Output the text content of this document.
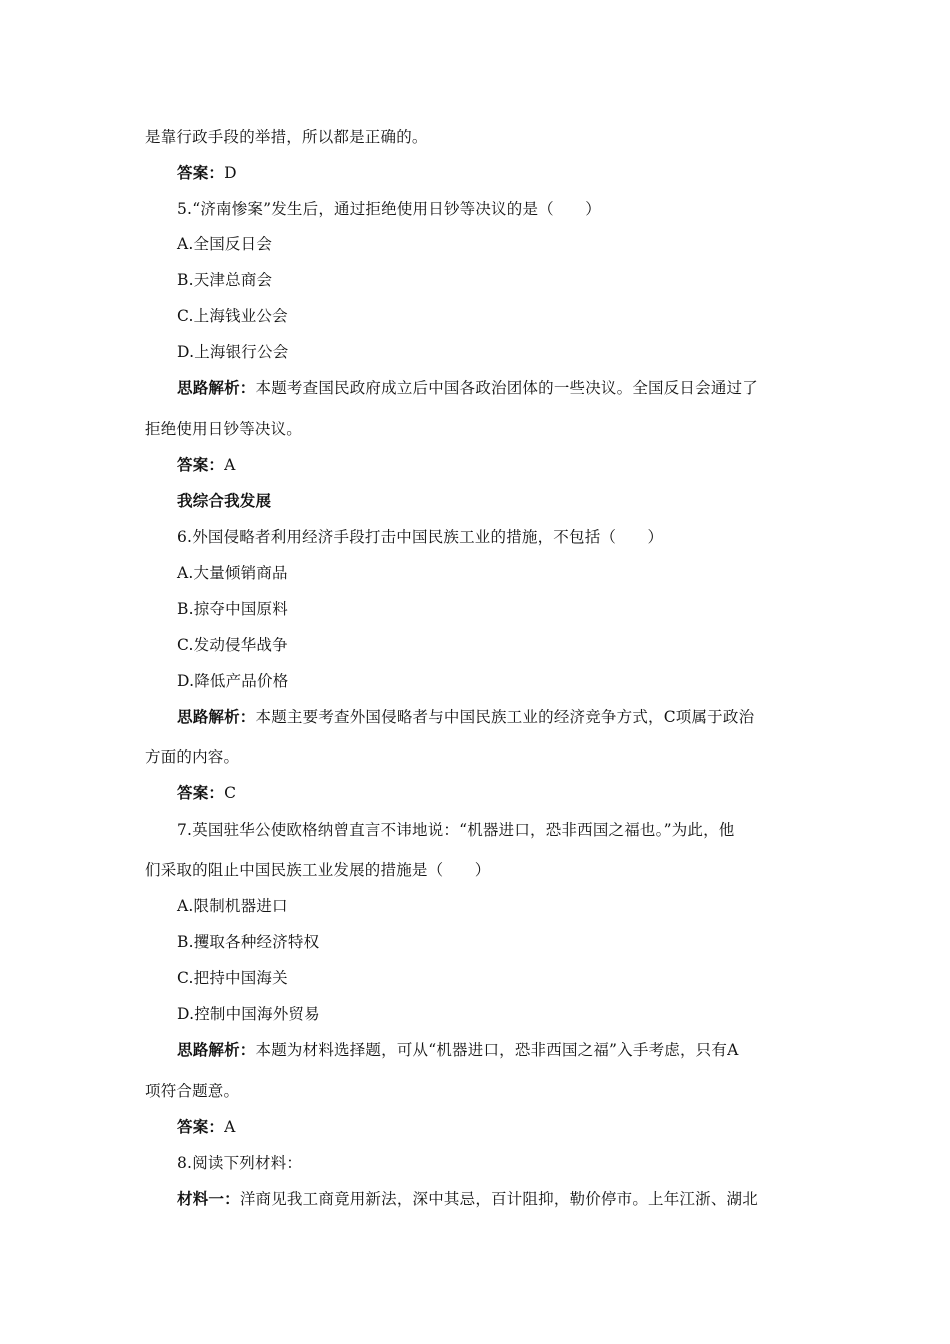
是靠行政手段的举措，所以都是正确的。
答案：D
5.“济南惨案”发生后，通过拒绝使用日钞等决议的是（　　）
A.全国反日会
B.天津总商会
C.上海钱业公会
D.上海银行公会
思路解析：本题考查国民政府成立后中国各政治团体的一些决议。全国反日会通过了
拒绝使用日钞等决议。
答案：A
我综合我发展
6.外国侵略者利用经济手段打击中国民族工业的措施，不包括（　　）
A.大量倾销商品
B.掠夺中国原料
C.发动侵华战争
D.降低产品价格
思路解析：本题主要考查外国侵略者与中国民族工业的经济竞争方式，C项属于政治
方面的内容。
答案：C
7.英国驻华公使欧格纳曾直言不讳地说：“机器进口，恐非西国之福也。”为此，他
们采取的阻止中国民族工业发展的措施是（　　）
A.限制机器进口
B.攫取各种经济特权
C.把持中国海关
D.控制中国海外贸易
思路解析：本题为材料选择题，可从“机器进口，恐非西国之福”入手考虑，只有A
项符合题意。
答案：A
8.阅读下列材料：
材料一：洋商见我工商竟用新法，深中其忌，百计阻抑，勒价停市。上年江浙、湖北
